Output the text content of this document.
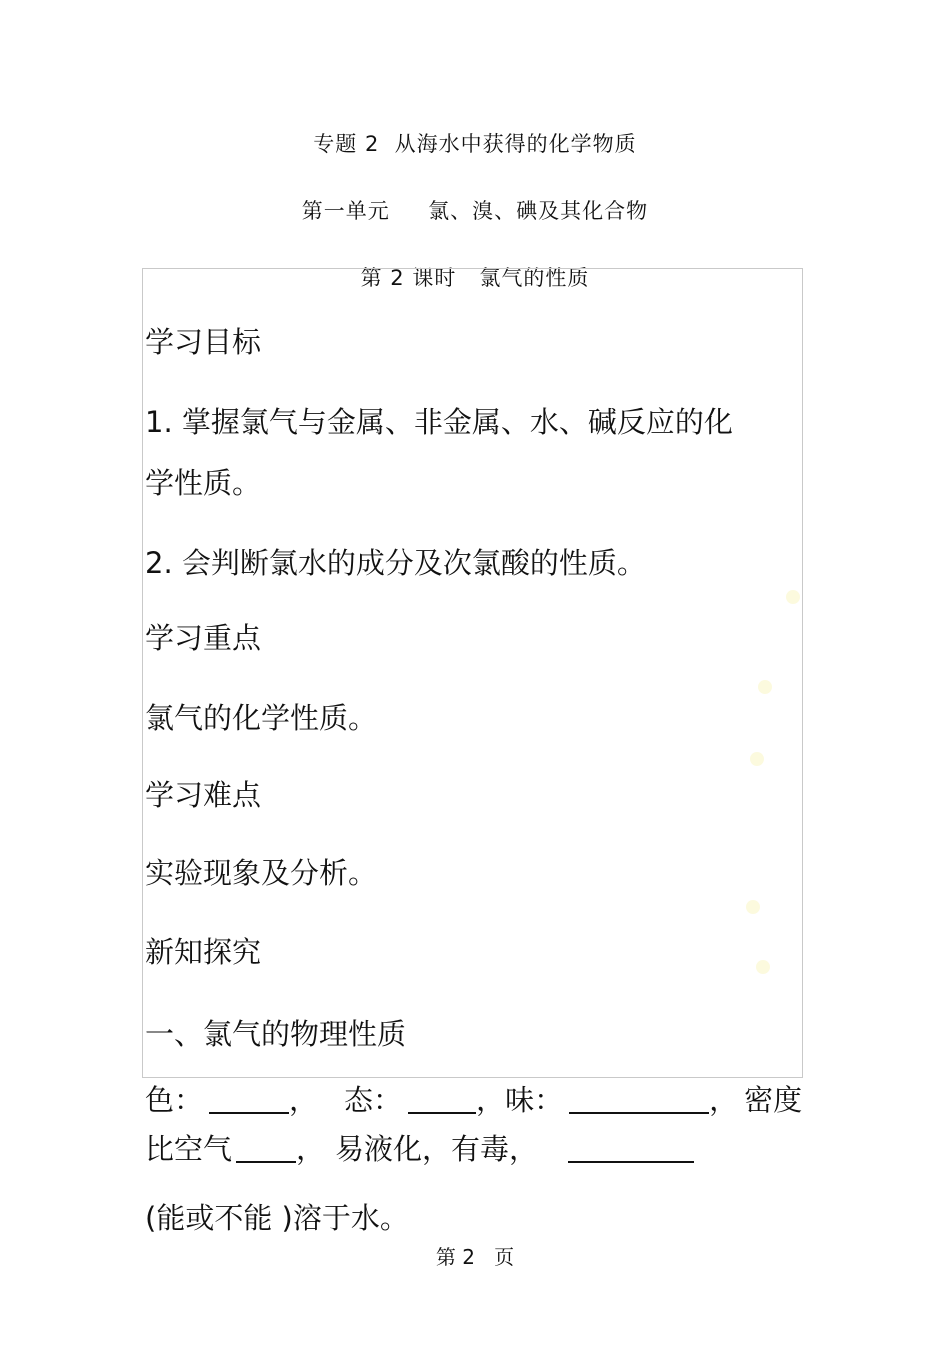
专题 2  从海水中获得的化学物质
第一单元     氯、溴、碘及其化合物
第 2 课时   氯气的性质
学习目标
1. 掌握氯气与金属、非金属、水、碱反应的化
学性质。
2. 会判断氯水的成分及次氯酸的性质。
学习重点
氯气的化学性质。
学习难点
实验现象及分析。
新知探究
一、氯气的物理性质
色：	， 态：	，味：	， 密度
比空气 ， 易液化，有毒，
(能或不能 )溶于水。
第 2   页
